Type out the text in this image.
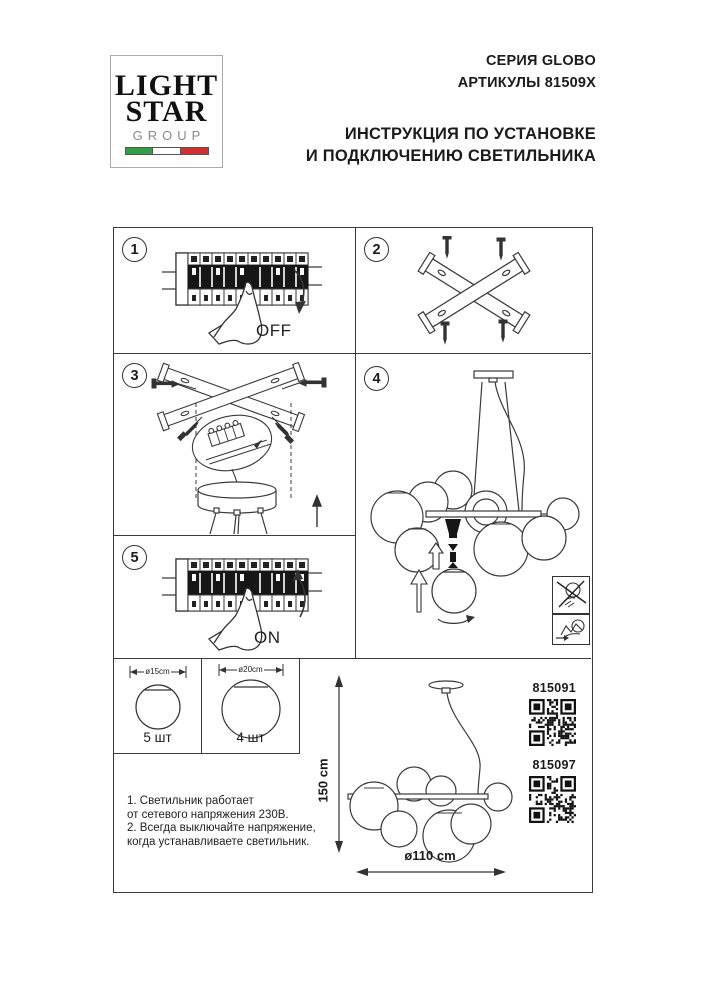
LIGHT
STAR
GROUP
СЕРИЯ GLOBO
АРТИКУЛЫ 81509X
ИНСТРУКЦИЯ ПО УСТАНОВКЕ
И ПОДКЛЮЧЕНИЮ СВЕТИЛЬНИКА
1
OFF
2
3	4
5
ON
ø15cm
5 шт
ø20cm
4 шт
1. Светильник работает
от сетевого напряжения 230В.
2. Всегда выключайте напряжение,
когда устанавливаете светильник.
150 cm
ø110 cm
815091
815097
